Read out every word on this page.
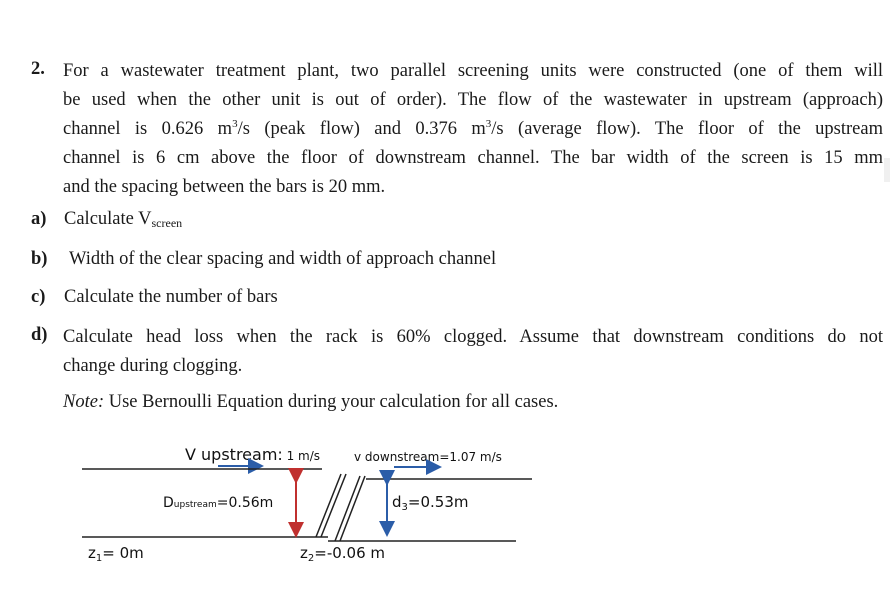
2. For a wastewater treatment plant, two parallel screening units were constructed (one of them will
be used when the other unit is out of order). The flow of the wastewater in upstream (approach)
channel is 0.626 $m^3/s$ (peak flow) and 0.376 $m^3/s$ (average flow). The floor of the upstream
channel is 6 cm above the floor of downstream channel. The bar width of the screen is 15 mm
and the spacing between the bars is 20 mm.
a) Calculate Vscreen
b) Width of the clear spacing and width of approach channel
c) Calculate the number of bars
d) Calculate head loss when the rack is 60% clogged. Assume that downstream conditions do not
change during clogging.
Note: Use Bernoulli Equation during your calculation for all cases.
V upstream: 1 m/s	v downstream=1.07 m/s
Dupstream=0.56m	$d_3=0.53m$
$z_1= 0m$	$z_2=-0.06$ m
